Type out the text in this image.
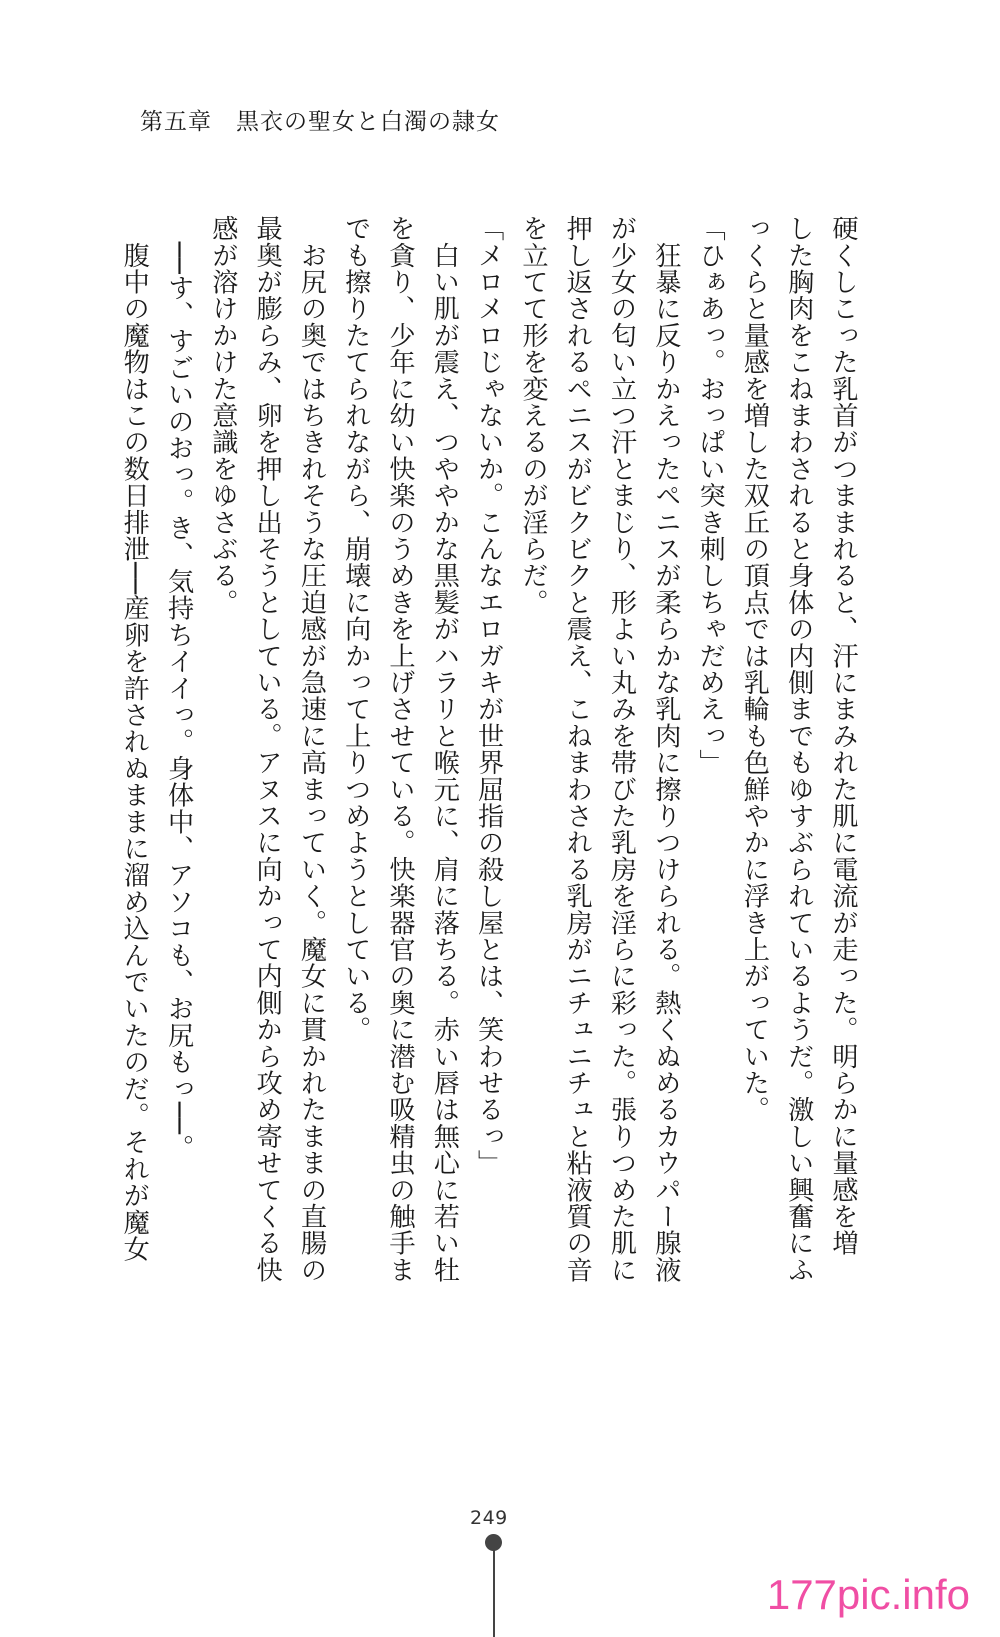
第五章　黒衣の聖女と白濁の隷女

硬くしこった乳首がつままれると、汗にまみれた肌に電流が走った。明らかに量感を増

した胸肉をこねまわされると身体の内側までもゆすぶられているようだ。激しい興奮にふ

っくらと量感を増した双丘の頂点では乳輪も色鮮やかに浮き上がっていた。

「ひぁあっ。おっぱい突き刺しちゃだめえっ」

　狂暴に反りかえったペニスが柔らかな乳肉に擦りつけられる。熱くぬめるカウパー腺液

が少女の匂い立つ汗とまじり、形よい丸みを帯びた乳房を淫らに彩った。張りつめた肌に

押し返されるペニスがビクビクと震え、こねまわされる乳房がニチュニチュと粘液質の音

を立てて形を変えるのが淫らだ。

「メロメロじゃないか。こんなエロガキが世界屈指の殺し屋とは、笑わせるっ」

　白い肌が震え、つややかな黒髪がハラリと喉元に、肩に落ちる。赤い唇は無心に若い牡

を貪り、少年に幼い快楽のうめきを上げさせている。快楽器官の奥に潜む吸精虫の触手ま

でも擦りたてられながら、崩壊に向かって上りつめようとしている。

　お尻の奥ではちきれそうな圧迫感が急速に高まっていく。魔女に貫かれたままの直腸の

最奥が膨らみ、卵を押し出そうとしている。アヌスに向かって内側から攻め寄せてくる快

感が溶けかけた意識をゆさぶる。

　──す、すごいのおっ。き、気持ちイイっ。身体中、アソコも、お尻もっ──。

　腹中の魔物はこの数日排泄──産卵を許されぬままに溜め込んでいたのだ。それが魔女

249
177pic.info
